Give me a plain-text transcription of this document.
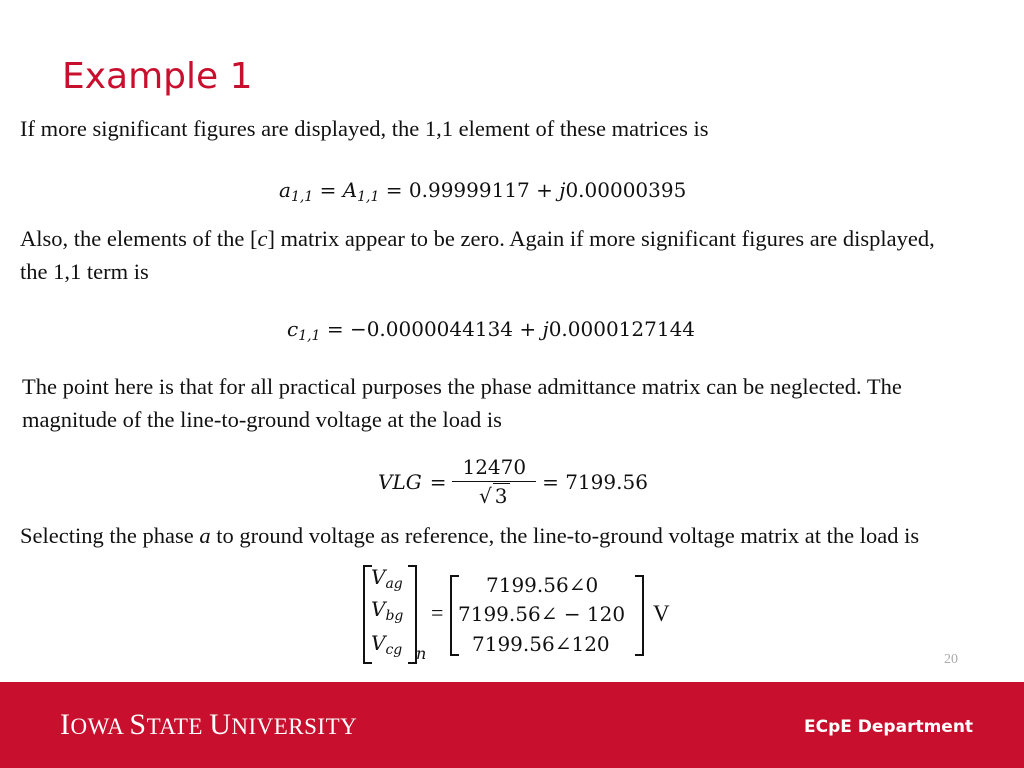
Example 1
If more significant figures are displayed, the 1,1 element of these matrices is
$a_{1,1} = A_{1,1} = 0.99999117 + j0.00000395$
Also, the elements of the [c] matrix appear to be zero. Again if more significant figures are displayed, the 1,1 term is
$c_{1,1} = -0.0000044134 + j0.0000127144$
The point here is that for all practical purposes the phase admittance matrix can be neglected. The magnitude of the line-to-ground voltage at the load is
VLG = $\frac{12470}{√ 3} = 7199.56$
Selecting the phase a to ground voltage as reference, the line-to-ground voltage matrix at the load is
$V_{ag}$
$V_{bg}$
$V_{cg}$ n
=
7199.56∠0
7199.56∠ − 120
7199.56∠120
V
20
IOWA STATE UNIVERSITY	ECpE Department
